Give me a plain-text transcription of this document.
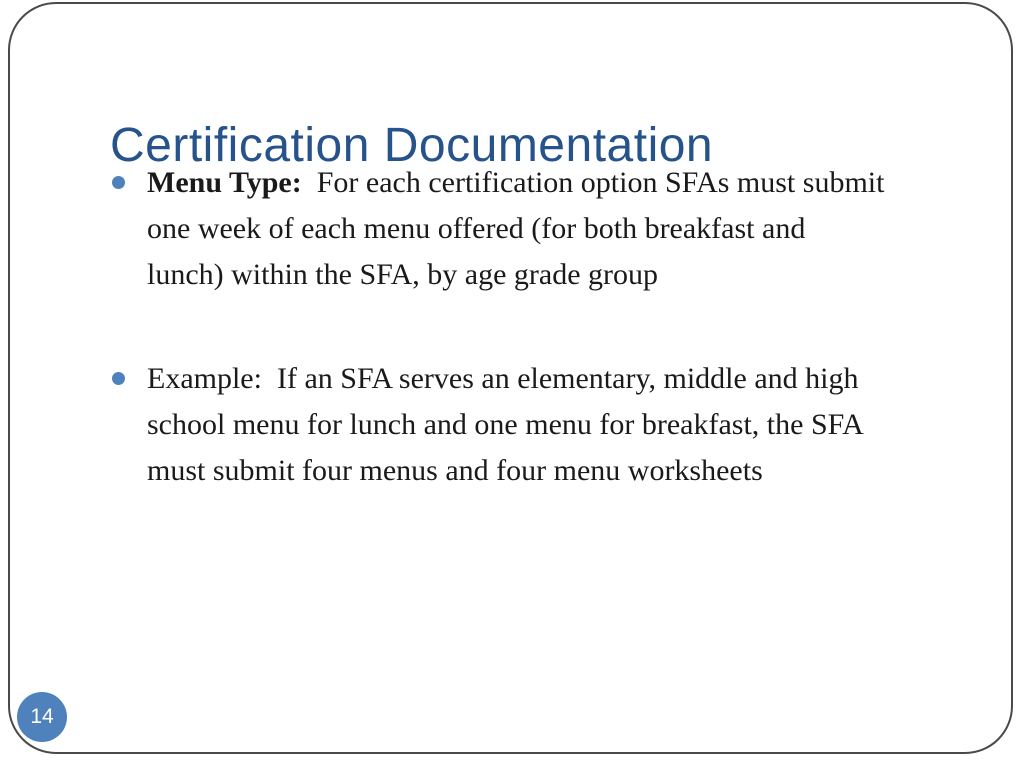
Certification Documentation
Menu Type:  For each certification option SFAs must submit
one week of each menu offered (for both breakfast and
lunch) within the SFA, by age grade group
Example:  If an SFA serves an elementary, middle and high
school menu for lunch and one menu for breakfast, the SFA
must submit four menus and four menu worksheets
14
